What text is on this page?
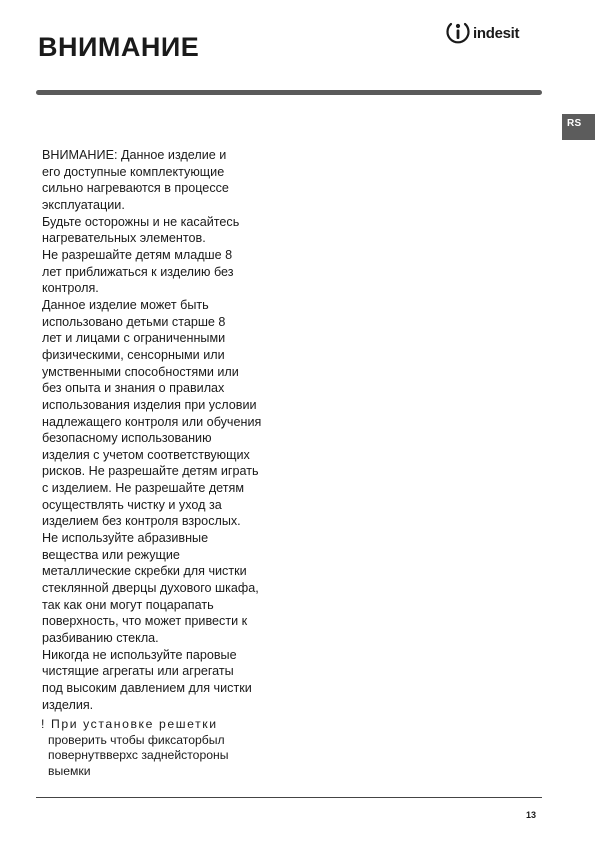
ВНИМАНИЕ	indesit
RS
ВНИМАНИЕ: Данное изделие и
его доступные комплектующие
сильно нагреваются в процессе
эксплуатации.
Будьте осторожны и не касайтесь
нагревательных элементов.
Не разрешайте детям младше 8
лет приближаться к изделию без
контроля.
Данное изделие может быть
использовано детьми старше 8
лет и лицами с ограниченными
физическими, сенсорными или
умственными способностями или
без опыта и знания о правилах
использования изделия при условии
надлежащего контроля или обучения
безопасному использованию
изделия с учетом соответствующих
рисков. Не разрешайте детям играть
с изделием. Не разрешайте детям
осуществлять чистку и уход за
изделием без контроля взрослых.
Не используйте абразивные
вещества или режущие
металлические скребки для чистки
стеклянной дверцы духового шкафа,
так как они могут поцарапать
поверхность, что может привести к
разбиванию стекла.
Никогда не используйте паровые
чистящие агрегаты или агрегаты
под высоким давлением для чистки
изделия.
! При установке решетки
проверить чтобы фиксаторбыл
повернутвверхс заднейстороны
выемки
13
